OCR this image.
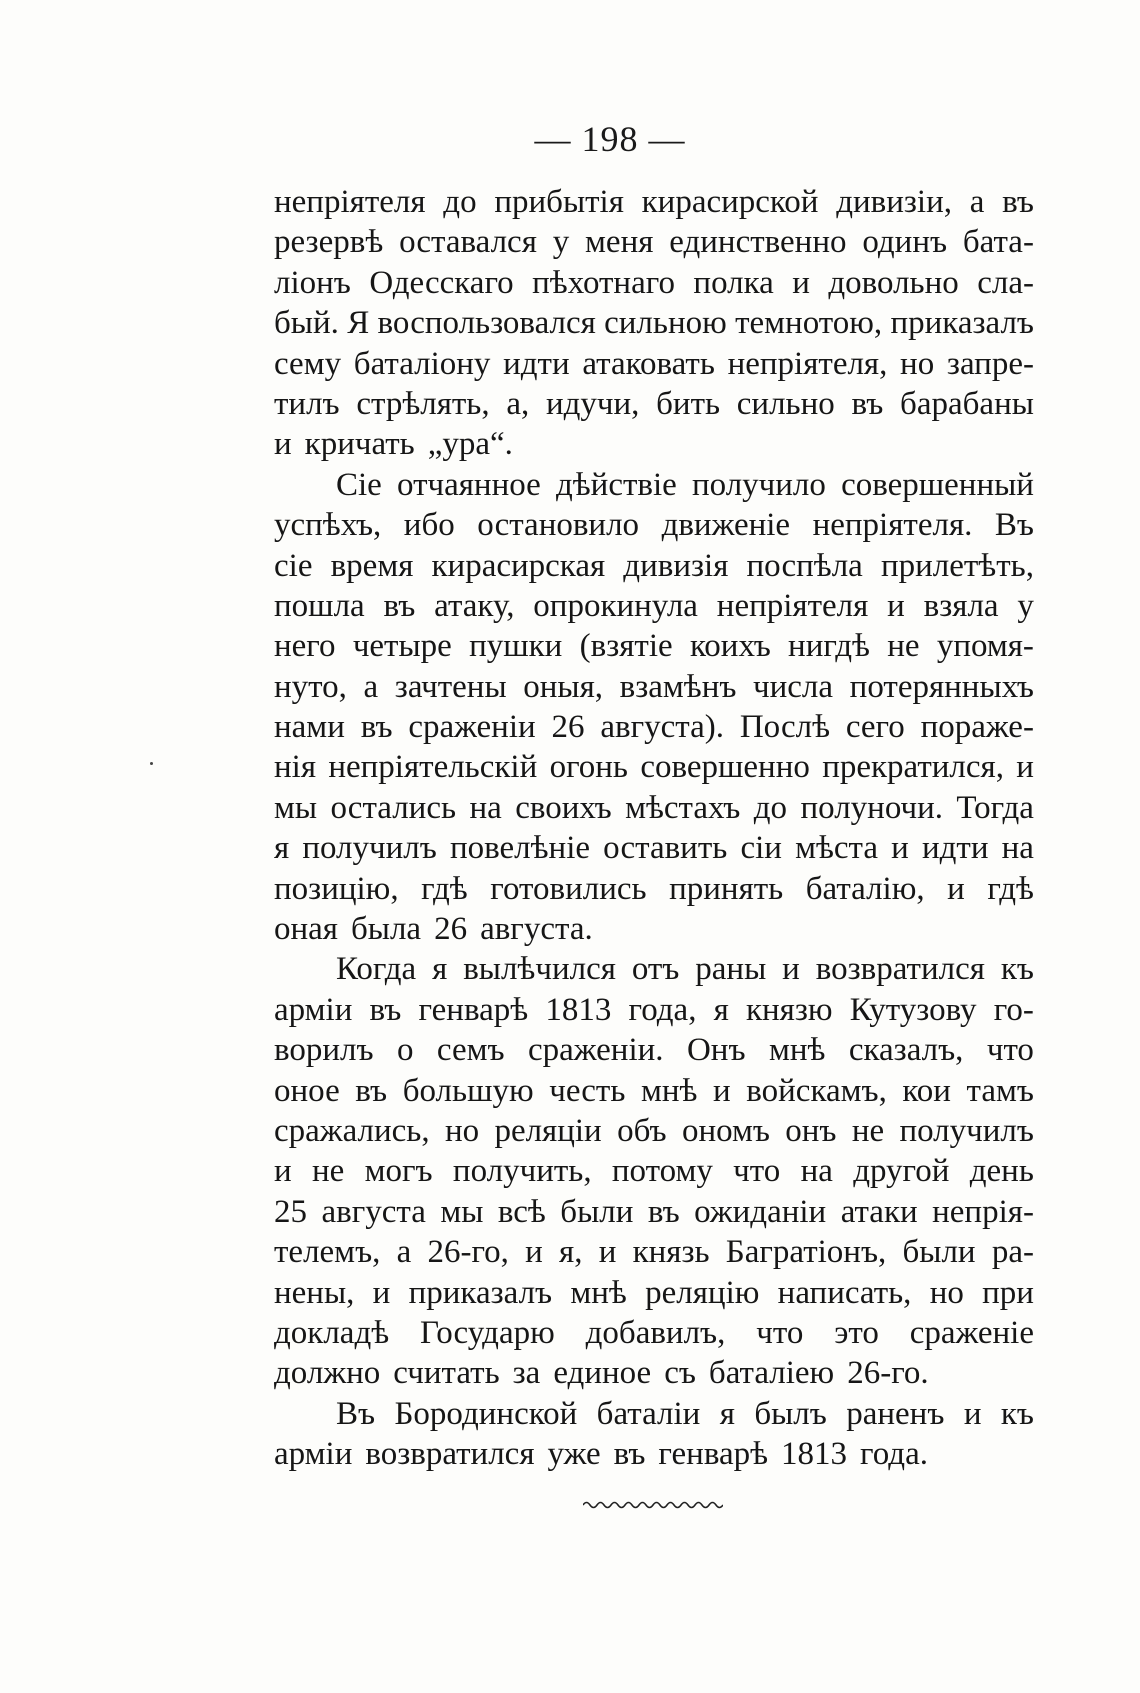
— 198 —
непріятеля до прибытія кирасирской дивизіи, а въ
резервѣ оставался у меня единственно одинъ бата-
ліонъ Одесскаго пѣхотнаго полка и довольно сла-
бый. Я воспользовался сильною темнотою, приказалъ
сему баталіону идти атаковать непріятеля, но запре-
тилъ стрѣлять, а, идучи, бить сильно въ барабаны
и кричать „ура“.
Сіе отчаянное дѣйствіе получило совершенный
успѣхъ, ибо остановило движеніе непріятеля. Въ
сіе время кирасирская дивизія поспѣла прилетѣть,
пошла въ атаку, опрокинула непріятеля и взяла у
него четыре пушки (взятіе коихъ нигдѣ не упомя-
нуто, а зачтены оныя, взамѣнъ числа потерянныхъ
нами въ сраженіи 26 августа). Послѣ сего пораже-
нія непріятельскій огонь совершенно прекратился, и
мы остались на своихъ мѣстахъ до полуночи. Тогда
я получилъ повелѣніе оставить сіи мѣста и идти на
позицію, гдѣ готовились принять баталію, и гдѣ
оная была 26 августа.
Когда я вылѣчился отъ раны и возвратился къ
арміи въ генварѣ 1813 года, я князю Кутузову го-
ворилъ о семъ сраженіи. Онъ мнѣ сказалъ, что
оное въ большую честь мнѣ и войскамъ, кои тамъ
сражались, но реляціи объ ономъ онъ не получилъ
и не могъ получить, потому что на другой день
25 августа мы всѣ были въ ожиданіи атаки непрія-
телемъ, а 26-го, и я, и князь Багратіонъ, были ра-
нены, и приказалъ мнѣ реляцію написать, но при
докладѣ Государю добавилъ, что это сраженіе
должно считать за единое съ баталіею 26-го.
Въ Бородинской баталіи я былъ раненъ и къ
арміи возвратился уже въ генварѣ 1813 года.
